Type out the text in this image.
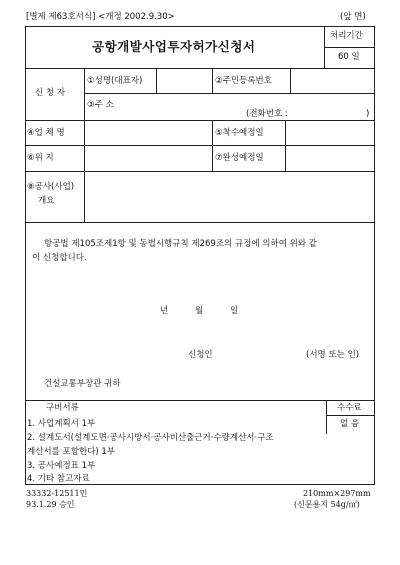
[별제 제63호서식] <개정 2002.9.30>	(앞 면)
공항개발사업투자허가신청서
처리기간
60 일
신 청 자
①성명(대표자)	②주민등록번호
③주 소
(전화번호 :	)
④업 체 명	⑤착수예정일
⑥위 지	⑦완성예정일
⑧공사(사업)
개요
항공법 제105조제1항 및 동법시행규칙 제269조의 규정에 의하여 위와 같
이 신청합니다.
년	월	일
신청인	(서명 또는 인)
건설교통부장관 귀하
구비서류	수수료
없 음
1. 사업계획서 1부
2. 설계도서(설계도면·공사시방서·공사비산출근거·수량계산서·구조
계산서를 포함한다) 1부
3. 공사예정표 1부
4. 기타 참고자료
33332-12511민
93.1.29 승인
210mm×297mm
(신문용지 54g/㎡)
